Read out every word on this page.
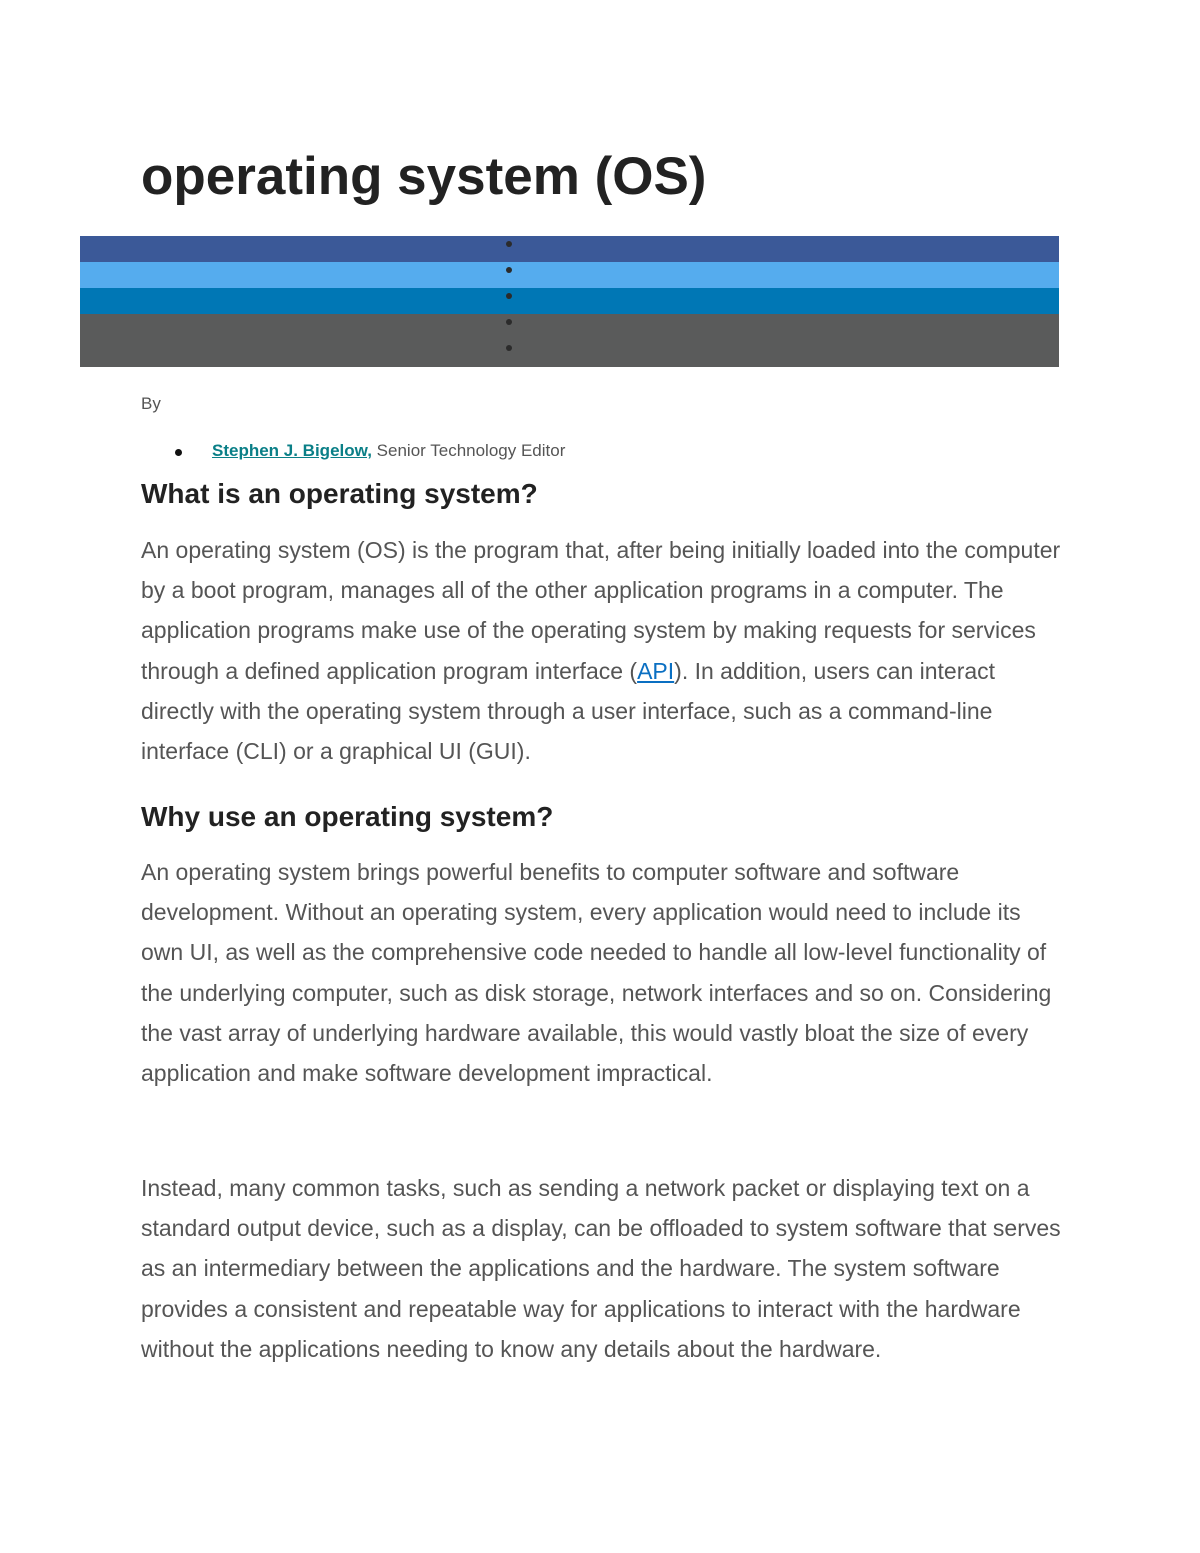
operating system (OS)
By
Stephen J. Bigelow, Senior Technology Editor
What is an operating system?

An operating system (OS) is the program that, after being initially loaded into the computer by a boot program, manages all of the other application programs in a computer. The application programs make use of the operating system by making requests for services through a defined application program interface (API). In addition, users can interact directly with the operating system through a user interface, such as a command-line interface (CLI) or a graphical UI (GUI).

Why use an operating system?

An operating system brings powerful benefits to computer software and software development. Without an operating system, every application would need to include its own UI, as well as the comprehensive code needed to handle all low-level functionality of the underlying computer, such as disk storage, network interfaces and so on. Considering the vast array of underlying hardware available, this would vastly bloat the size of every application and make software development impractical.

Instead, many common tasks, such as sending a network packet or displaying text on a standard output device, such as a display, can be offloaded to system software that serves as an intermediary between the applications and the hardware. The system software provides a consistent and repeatable way for applications to interact with the hardware without the applications needing to know any details about the hardware.
